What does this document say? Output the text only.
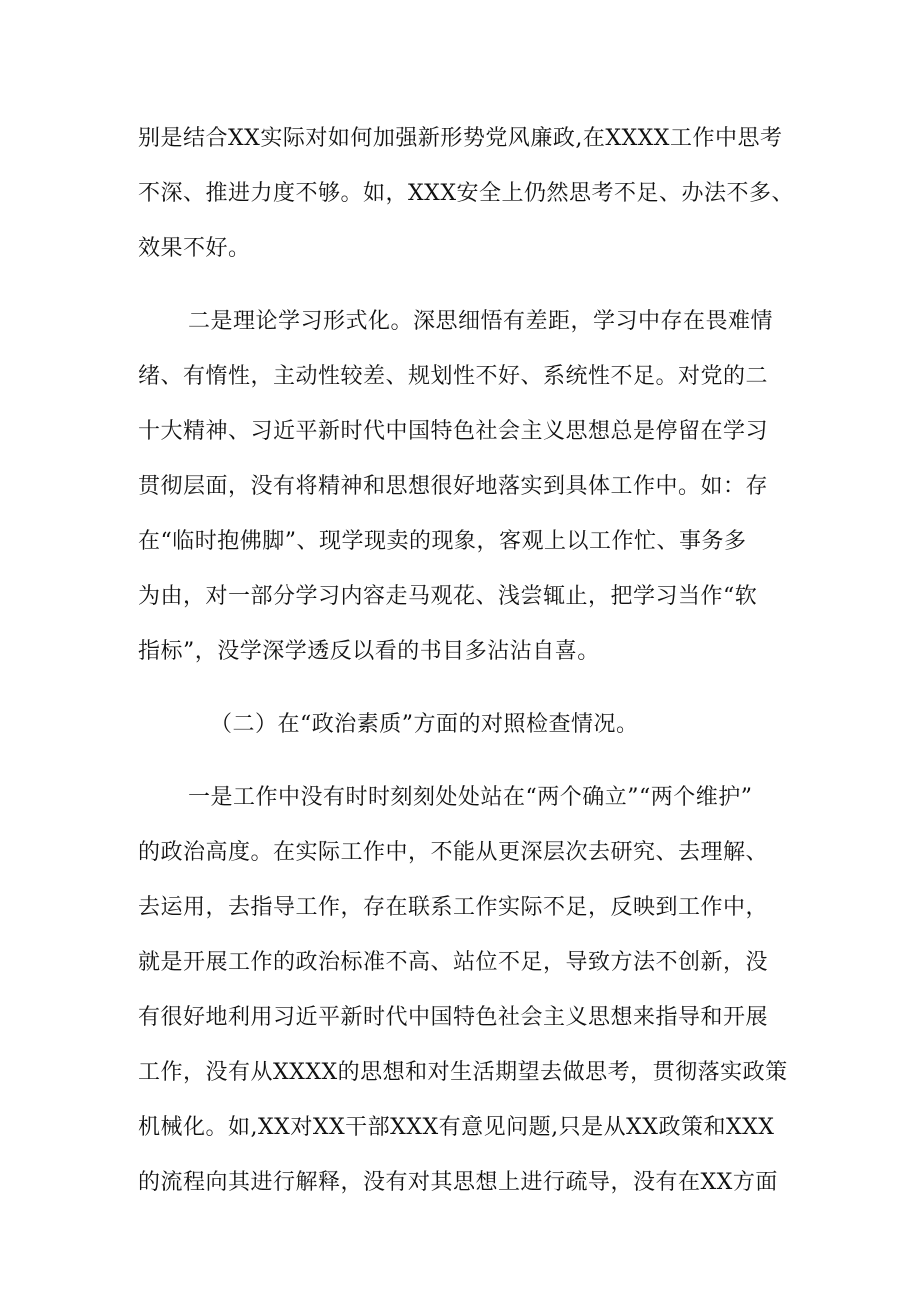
别是结合XX实际对如何加强新形势党风廉政,在XXXX工作中思考
不深、推进力度不够。如，XXX安全上仍然思考不足、办法不多、
效果不好。
二是理论学习形式化。深思细悟有差距，学习中存在畏难情
绪、有惰性，主动性较差、规划性不好、系统性不足。对党的二
十大精神、习近平新时代中国特色社会主义思想总是停留在学习
贯彻层面，没有将精神和思想很好地落实到具体工作中。如：存
在“临时抱佛脚”、现学现卖的现象，客观上以工作忙、事务多
为由，对一部分学习内容走马观花、浅尝辄止，把学习当作“软
指标”，没学深学透反以看的书目多沾沾自喜。
（二）在“政治素质”方面的对照检查情况。
一是工作中没有时时刻刻处处站在“两个确立”“两个维护”
的政治高度。在实际工作中，不能从更深层次去研究、去理解、
去运用，去指导工作，存在联系工作实际不足，反映到工作中，
就是开展工作的政治标准不高、站位不足，导致方法不创新，没
有很好地利用习近平新时代中国特色社会主义思想来指导和开展
工作，没有从XXXX的思想和对生活期望去做思考，贯彻落实政策
机械化。如,XX对XX干部XXX有意见问题,只是从XX政策和XXX
的流程向其进行解释，没有对其思想上进行疏导，没有在XX方面
